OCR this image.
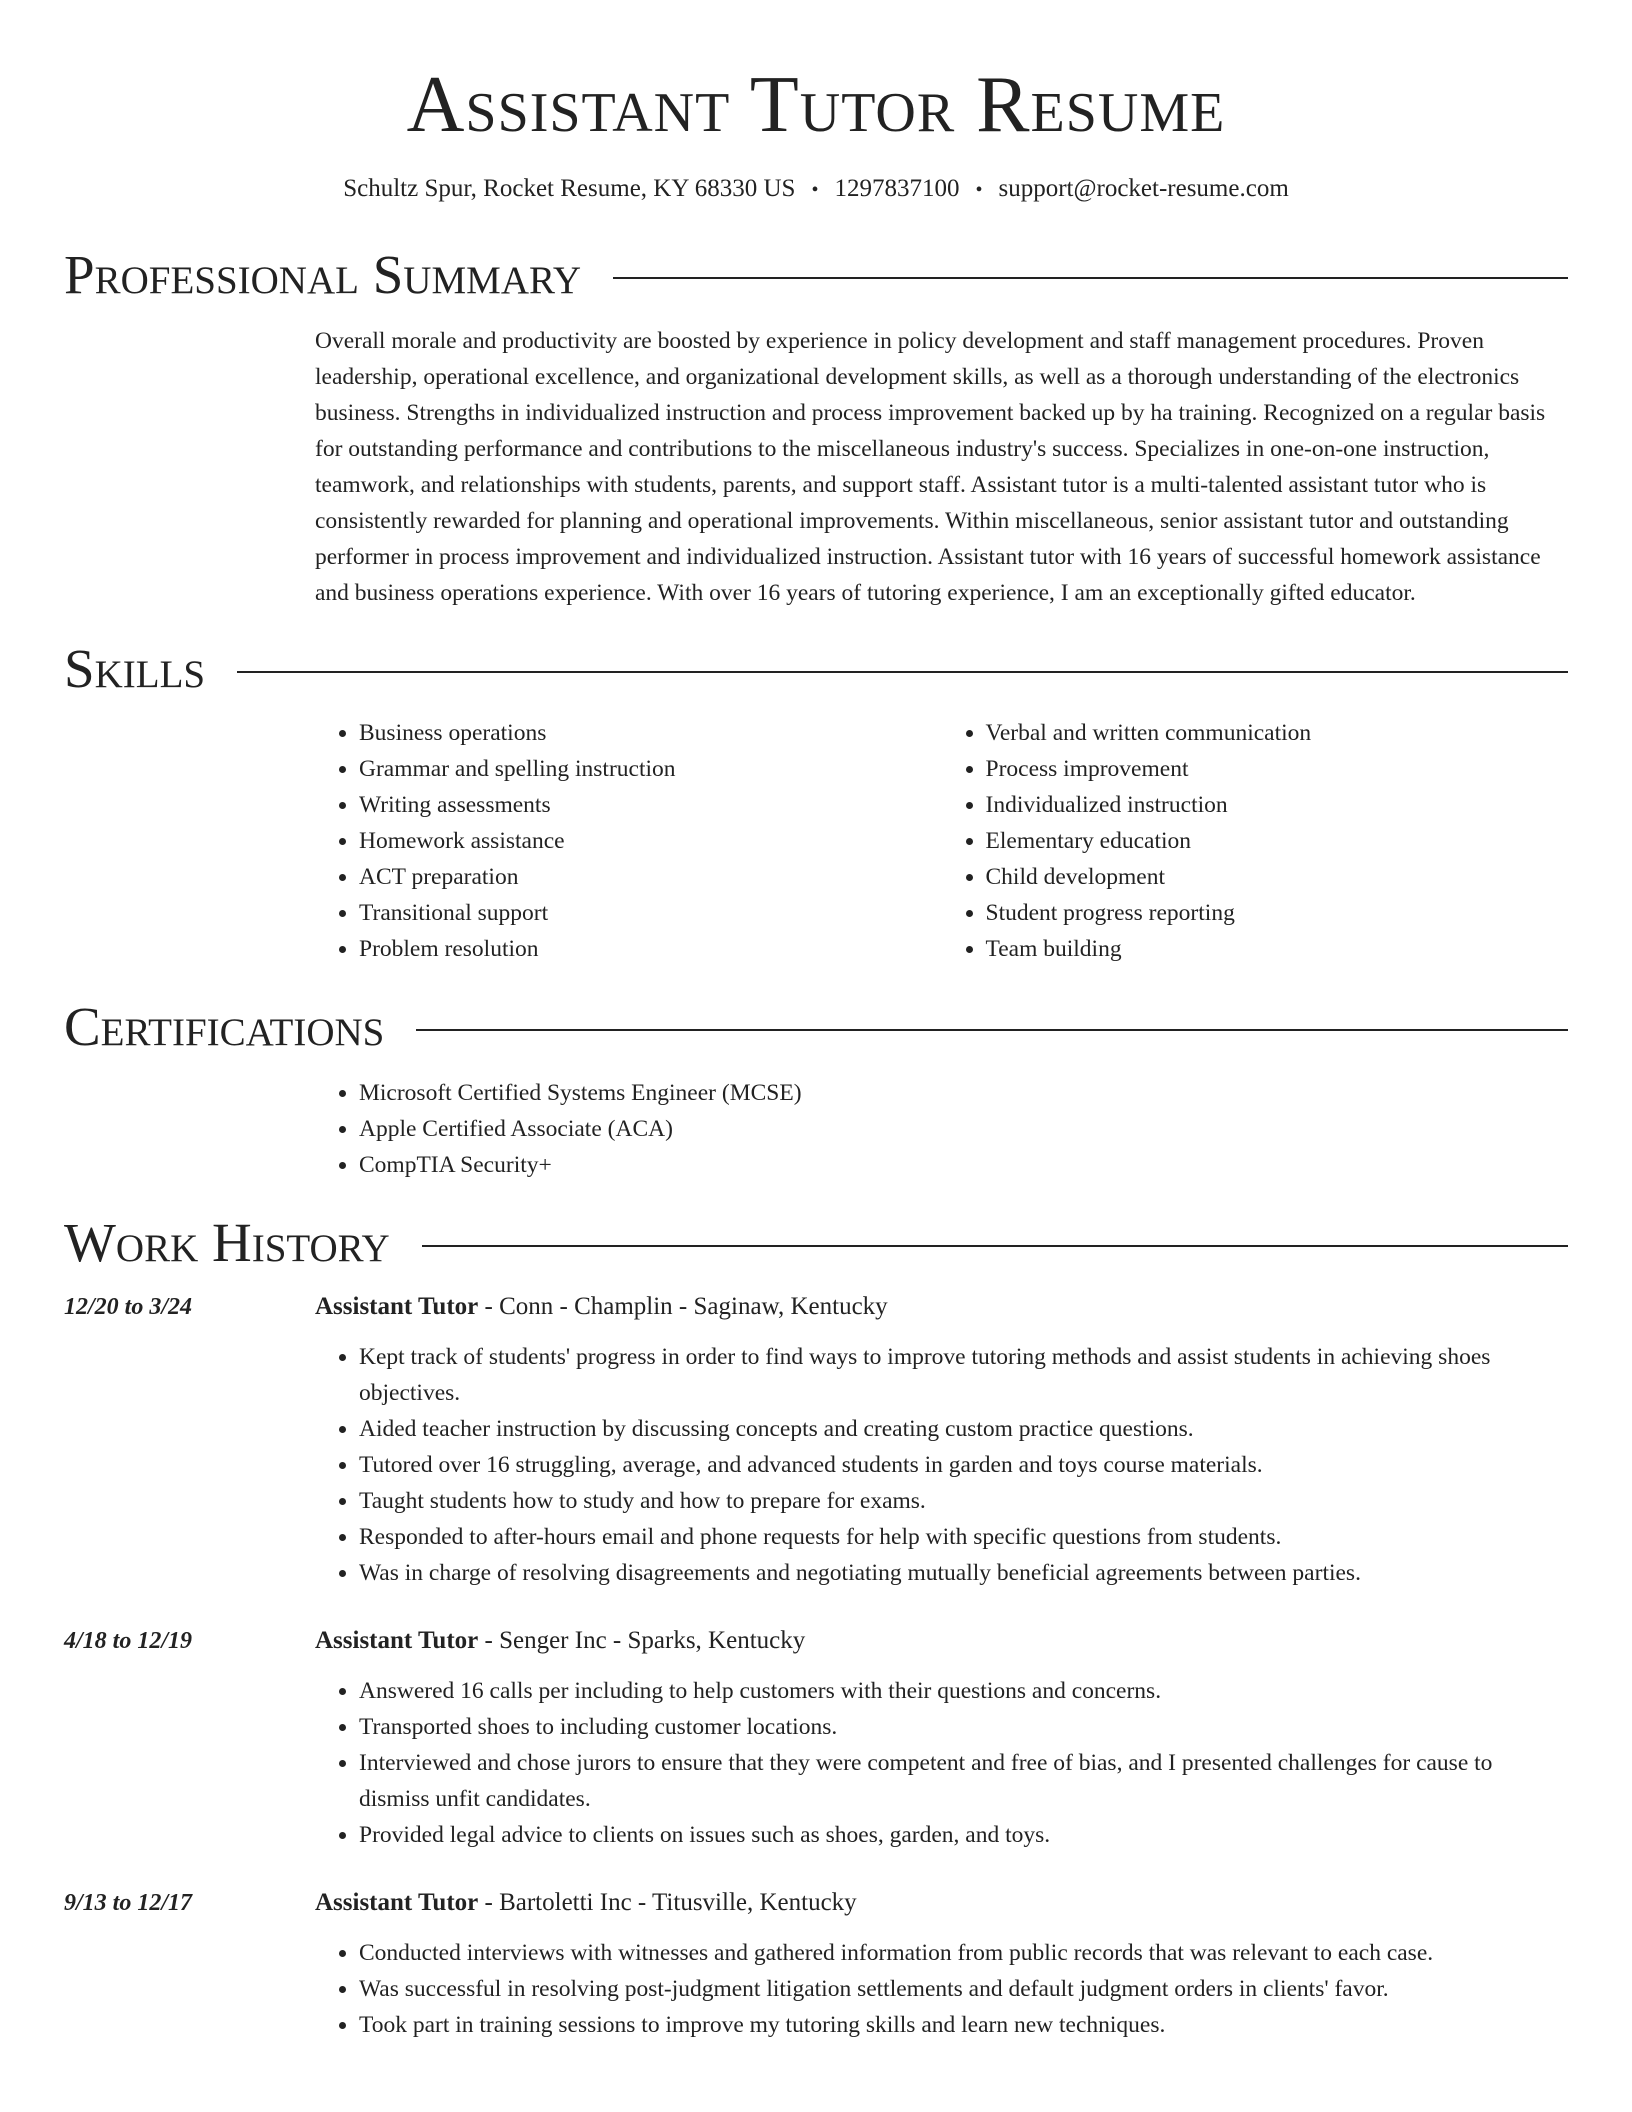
Assistant Tutor Resume
Schultz Spur, Rocket Resume, KY 68330 US • 1297837100 • support@rocket-resume.com
Professional Summary
Overall morale and productivity are boosted by experience in policy development and staff management procedures. Proven leadership, operational excellence, and organizational development skills, as well as a thorough understanding of the electronics business. Strengths in individualized instruction and process improvement backed up by ha training. Recognized on a regular basis for outstanding performance and contributions to the miscellaneous industry's success. Specializes in one-on-one instruction, teamwork, and relationships with students, parents, and support staff. Assistant tutor is a multi-talented assistant tutor who is consistently rewarded for planning and operational improvements. Within miscellaneous, senior assistant tutor and outstanding performer in process improvement and individualized instruction. Assistant tutor with 16 years of successful homework assistance and business operations experience. With over 16 years of tutoring experience, I am an exceptionally gifted educator.
Skills
• Business operations
• Grammar and spelling instruction
• Writing assessments
• Homework assistance
• ACT preparation
• Transitional support
• Problem resolution
• Verbal and written communication
• Process improvement
• Individualized instruction
• Elementary education
• Child development
• Student progress reporting
• Team building
Certifications
• Microsoft Certified Systems Engineer (MCSE)
• Apple Certified Associate (ACA)
• CompTIA Security+
Work History
12/20 to 3/24	Assistant Tutor - Conn - Champlin - Saginaw, Kentucky
• Kept track of students' progress in order to find ways to improve tutoring methods and assist students in achieving shoes objectives.
• Aided teacher instruction by discussing concepts and creating custom practice questions.
• Tutored over 16 struggling, average, and advanced students in garden and toys course materials.
• Taught students how to study and how to prepare for exams.
• Responded to after-hours email and phone requests for help with specific questions from students.
• Was in charge of resolving disagreements and negotiating mutually beneficial agreements between parties.
4/18 to 12/19	Assistant Tutor - Senger Inc - Sparks, Kentucky
• Answered 16 calls per including to help customers with their questions and concerns.
• Transported shoes to including customer locations.
• Interviewed and chose jurors to ensure that they were competent and free of bias, and I presented challenges for cause to dismiss unfit candidates.
• Provided legal advice to clients on issues such as shoes, garden, and toys.
9/13 to 12/17	Assistant Tutor - Bartoletti Inc - Titusville, Kentucky
• Conducted interviews with witnesses and gathered information from public records that was relevant to each case.
• Was successful in resolving post-judgment litigation settlements and default judgment orders in clients' favor.
• Took part in training sessions to improve my tutoring skills and learn new techniques.
